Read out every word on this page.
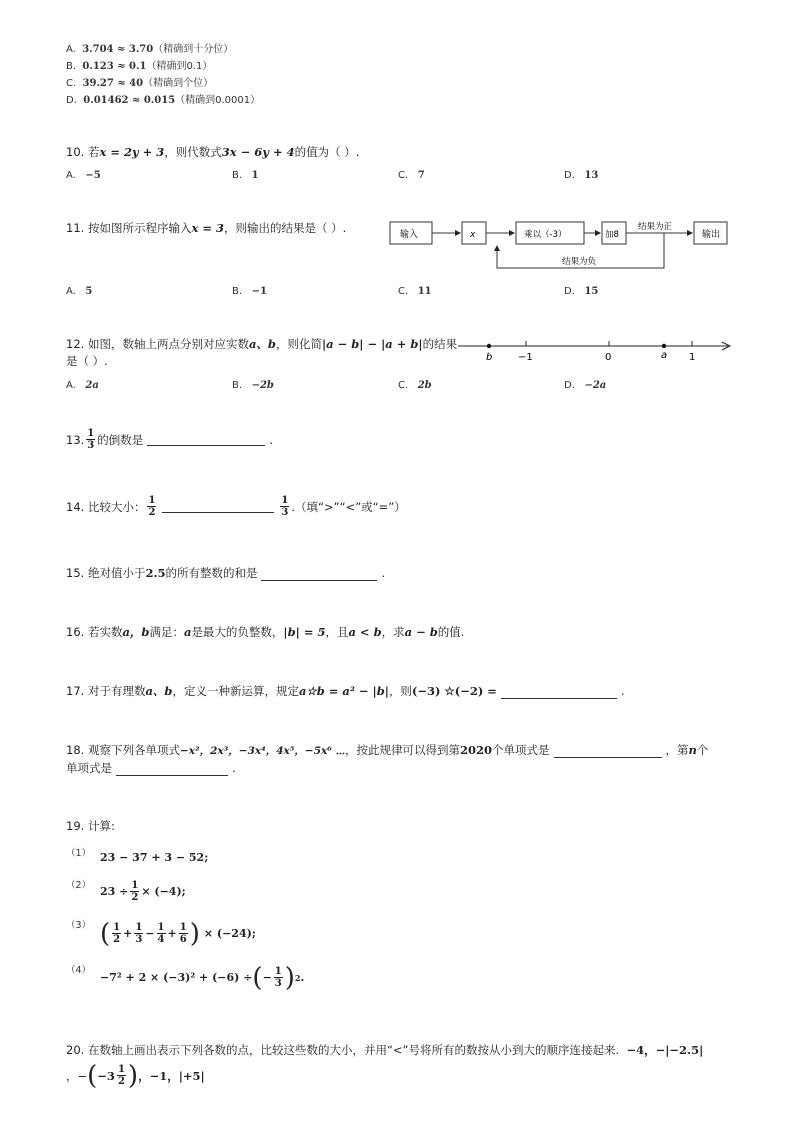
A. 3.704 ≈ 3.70（精确到十分位）
B. 0.123 ≈ 0.1（精确到0.1）
C. 39.27 ≈ 40（精确到个位）
D. 0.01462 ≈ 0.015（精确到0.0001）
10. 若x = 2y + 3，则代数式3x − 6y + 4的值为（ ）.
A. −5	B. 1	C. 7	D. 13
11. 按如图所示程序输入x = 3，则输出的结果是（ ）.	输入	x	乘以（-3）	加8
结果为正
输出
结果为负
A. 5	B. −1	C. 11	D. 15
12. 如图，数轴上两点分别对应实数a、b，则化简|a − b| − |a + b|的结果
是（ ）.	b	−1	0	a 1
A. 2a	B. −2b	C. 2b	D. −2a
13. $\frac{1}{3}$ 的倒数是	.
14. 比较大小： $\frac{1}{2}$	$\frac{1}{3}$ .（填“>”“<”或“=”）
15. 绝对值小于2.5的所有整数的和是	.
16. 若实数a，b满足：a是最大的负整数，|b| = 5，且a < b，求a − b的值.
17. 对于有理数a、b，定义一种新运算，规定a☆b = a² − |b|，则(−3) ☆(−2) =	.
18. 观察下列各单项式−x²，2x³，−3x⁴，4x⁵，−5x⁶ ⋯，按此规律可以得到第2020个单项式是	，第n个
单项式是	.
19. 计算:
（1） 23 − 37 + 3 − 52;
（2） $23 \div \frac{1}{2} \times (-4)$;
（3） ( $\frac{1}{2} + \frac{1}{3} - \frac{1}{4} + \frac{1}{6}$ ) × (−24);
（4）
−7² + 2 × (−3)² + (−6) ÷ ( − $\frac{1}{3}$ ) 2 .
20. 在数轴上画出表示下列各数的点，比较这些数的大小，并用“<”号将所有的数按从小到大的顺序连接起来. −4，−|−2.5|
，− ( $-3 \frac{1}{2}$ ) ，−1，|+5|
